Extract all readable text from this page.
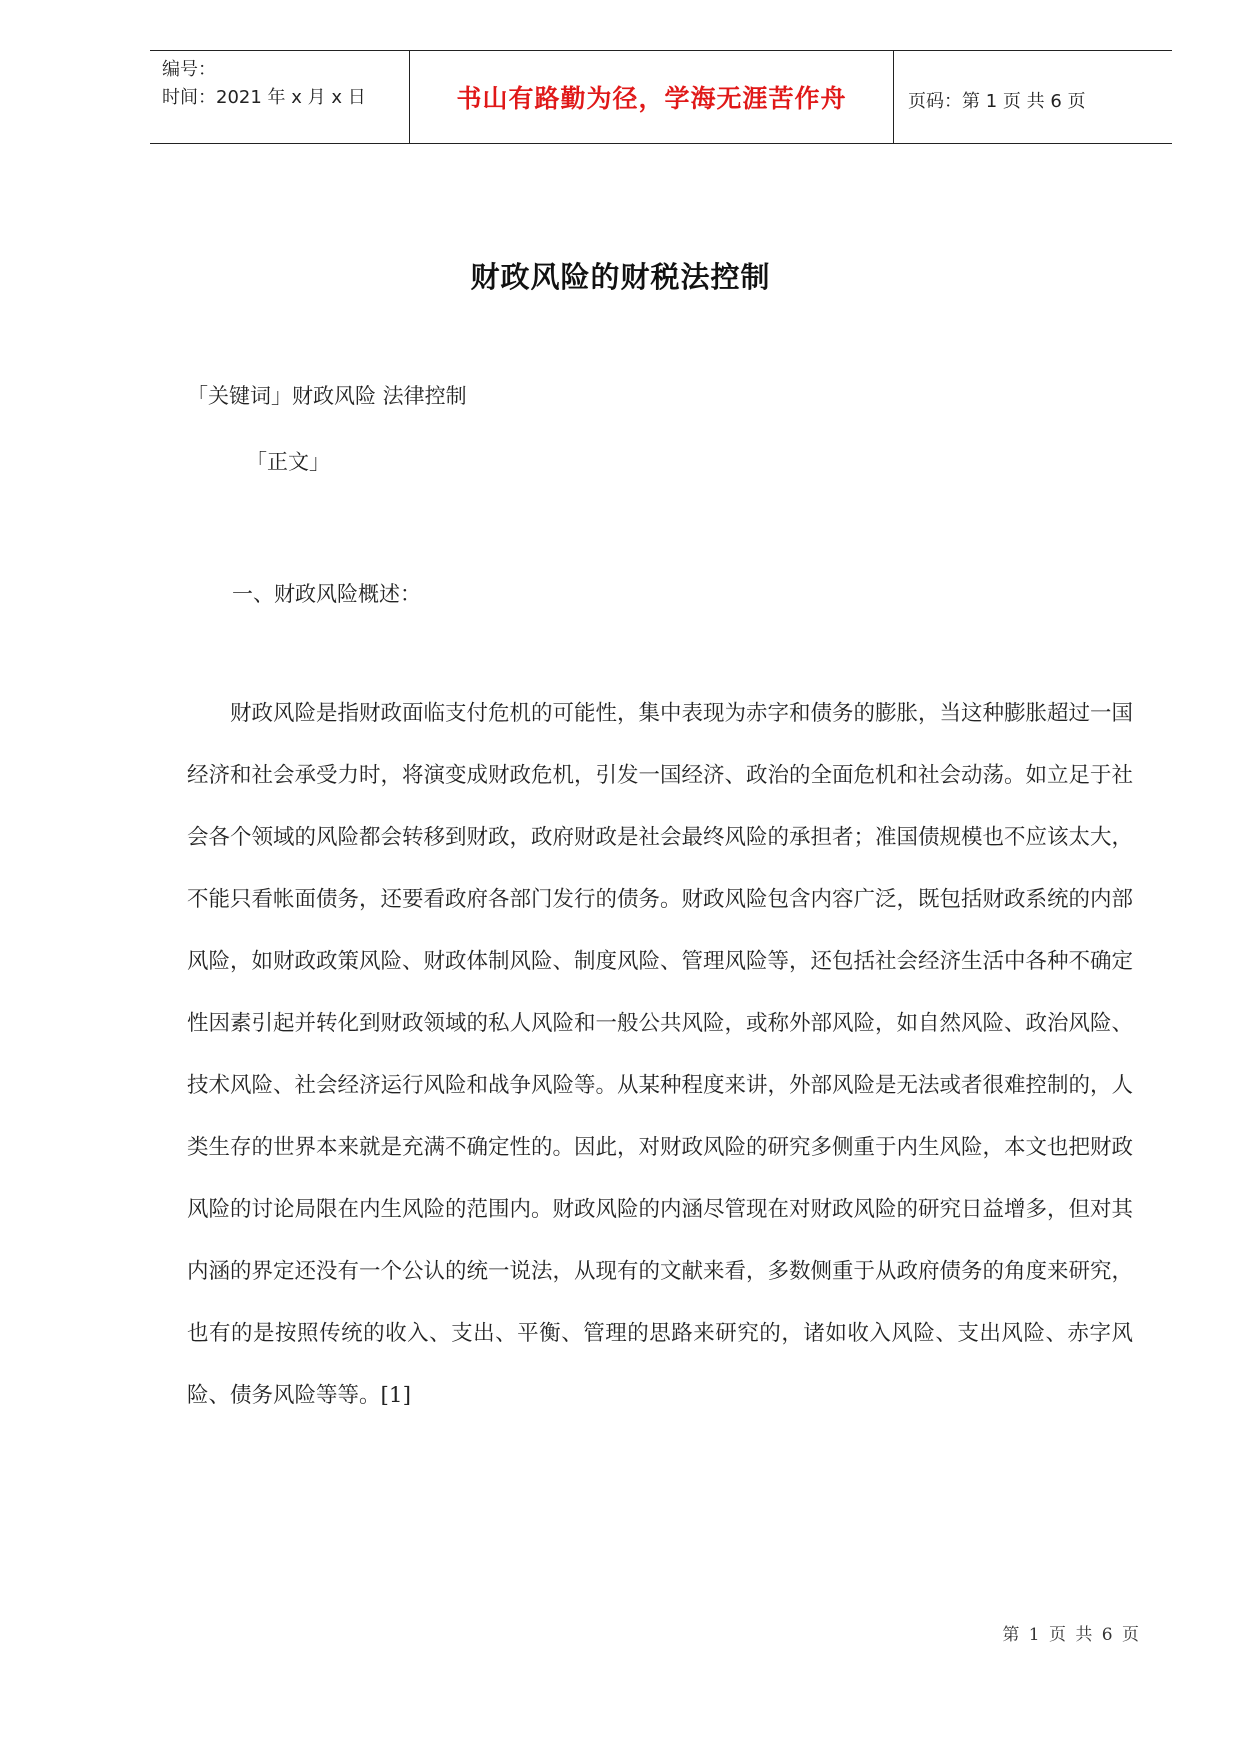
编号：
时间：2021 年 x 月 x 日	书山有路勤为径，学海无涯苦作舟	页码：第 1 页 共 6 页
财政风险的财税法控制
「关键词」财政风险 法律控制
「正文」
一、财政风险概述：

财政风险是指财政面临支付危机的可能性，集中表现为赤字和债务的膨胀，当这种膨胀超过一国经济和社会承受力时，将演变成财政危机，引发一国经济、政治的全面危机和社会动荡。如立足于社会各个领域的风险都会转移到财政，政府财政是社会最终风险的承担者；准国债规模也不应该太大，不能只看帐面债务，还要看政府各部门发行的债务。财政风险包含内容广泛，既包括财政系统的内部风险，如财政政策风险、财政体制风险、制度风险、管理风险等，还包括社会经济生活中各种不确定性因素引起并转化到财政领域的私人风险和一般公共风险，或称外部风险，如自然风险、政治风险、技术风险、社会经济运行风险和战争风险等。从某种程度来讲，外部风险是无法或者很难控制的，人类生存的世界本来就是充满不确定性的。因此，对财政风险的研究多侧重于内生风险，本文也把财政风险的讨论局限在内生风险的范围内。财政风险的内涵尽管现在对财政风险的研究日益增多，但对其内涵的界定还没有一个公认的统一说法，从现有的文献来看，多数侧重于从政府债务的角度来研究，也有的是按照传统的收入、支出、平衡、管理的思路来研究的，诸如收入风险、支出风险、赤字风险、债务风险等等。[1]

第 1 页 共 6 页
